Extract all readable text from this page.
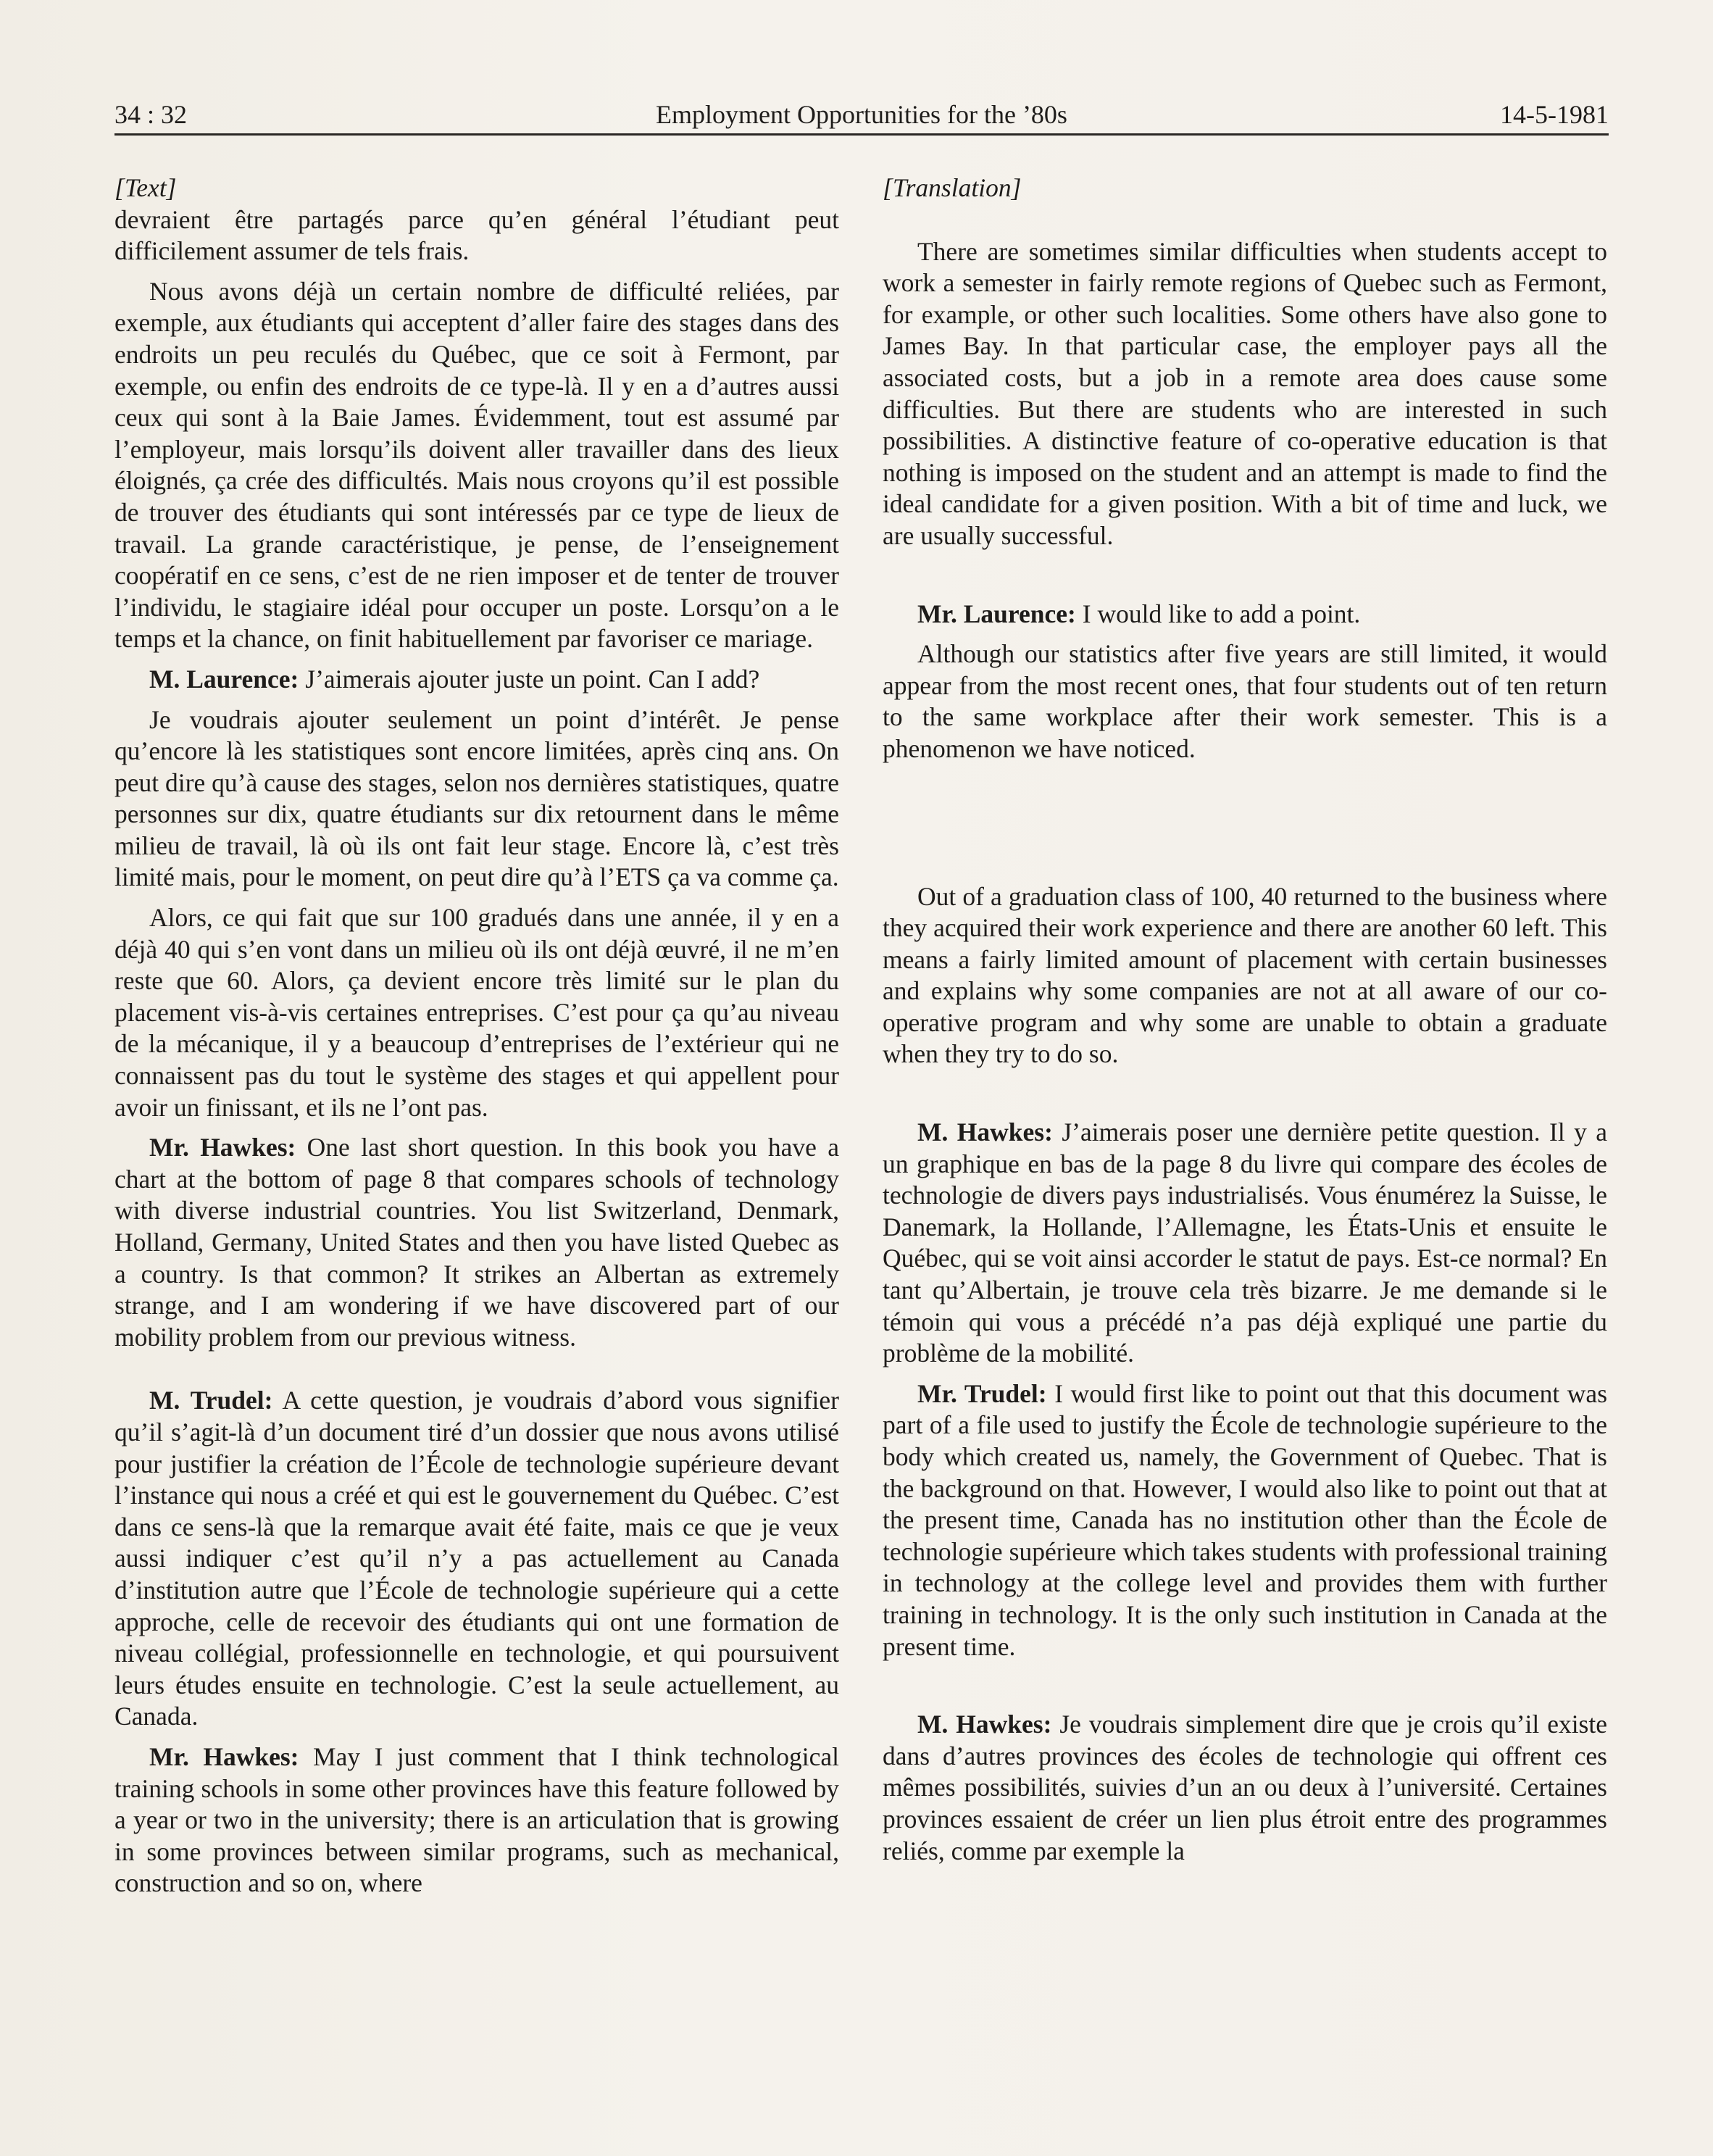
34 : 32	Employment Opportunities for the ’80s	14-5-1981

[Text]

devraient être partagés parce qu’en général l’étudiant peut difficilement assumer de tels frais.

Nous avons déjà un certain nombre de difficulté reliées, par exemple, aux étudiants qui acceptent d’aller faire des stages dans des endroits un peu reculés du Québec, que ce soit à Fermont, par exemple, ou enfin des endroits de ce type-là. Il y en a d’autres aussi ceux qui sont à la Baie James. Évidemment, tout est assumé par l’employeur, mais lorsqu’ils doivent aller travailler dans des lieux éloignés, ça crée des difficultés. Mais nous croyons qu’il est possible de trouver des étudiants qui sont intéressés par ce type de lieux de travail. La grande caractéristique, je pense, de l’enseignement coopératif en ce sens, c’est de ne rien imposer et de tenter de trouver l’individu, le stagiaire idéal pour occuper un poste. Lorsqu’on a le temps et la chance, on finit habituellement par favoriser ce mariage.

M. Laurence: J’aimerais ajouter juste un point. Can I add?

Je voudrais ajouter seulement un point d’intérêt. Je pense qu’encore là les statistiques sont encore limitées, après cinq ans. On peut dire qu’à cause des stages, selon nos dernières statistiques, quatre personnes sur dix, quatre étudiants sur dix retournent dans le même milieu de travail, là où ils ont fait leur stage. Encore là, c’est très limité mais, pour le moment, on peut dire qu’à l’ETS ça va comme ça.

Alors, ce qui fait que sur 100 gradués dans une année, il y en a déjà 40 qui s’en vont dans un milieu où ils ont déjà œuvré, il ne m’en reste que 60. Alors, ça devient encore très limité sur le plan du placement vis-à-vis certaines entreprises. C’est pour ça qu’au niveau de la mécanique, il y a beaucoup d’entreprises de l’extérieur qui ne connaissent pas du tout le système des stages et qui appellent pour avoir un finissant, et ils ne l’ont pas.

Mr. Hawkes: One last short question. In this book you have a chart at the bottom of page 8 that compares schools of technology with diverse industrial countries. You list Switzerland, Denmark, Holland, Germany, United States and then you have listed Quebec as a country. Is that common? It strikes an Albertan as extremely strange, and I am wondering if we have discovered part of our mobility problem from our previous witness.

M. Trudel: A cette question, je voudrais d’abord vous signifier qu’il s’agit-là d’un document tiré d’un dossier que nous avons utilisé pour justifier la création de l’École de technologie supérieure devant l’instance qui nous a créé et qui est le gouvernement du Québec. C’est dans ce sens-là que la remarque avait été faite, mais ce que je veux aussi indiquer c’est qu’il n’y a pas actuellement au Canada d’institution autre que l’École de technologie supérieure qui a cette approche, celle de recevoir des étudiants qui ont une formation de niveau collégial, professionnelle en technologie, et qui poursuivent leurs études ensuite en technologie. C’est la seule actuellement, au Canada.

Mr. Hawkes: May I just comment that I think technological training schools in some other provinces have this feature followed by a year or two in the university; there is an articulation that is growing in some provinces between similar programs, such as mechanical, construction and so on, where

[Translation]

There are sometimes similar difficulties when students accept to work a semester in fairly remote regions of Quebec such as Fermont, for example, or other such localities. Some others have also gone to James Bay. In that particular case, the employer pays all the associated costs, but a job in a remote area does cause some difficulties. But there are students who are interested in such possibilities. A distinctive feature of co-operative education is that nothing is imposed on the student and an attempt is made to find the ideal candidate for a given position. With a bit of time and luck, we are usually successful.

Mr. Laurence: I would like to add a point.

Although our statistics after five years are still limited, it would appear from the most recent ones, that four students out of ten return to the same workplace after their work semester. This is a phenomenon we have noticed.

Out of a graduation class of 100, 40 returned to the business where they acquired their work experience and there are another 60 left. This means a fairly limited amount of placement with certain businesses and explains why some companies are not at all aware of our co-operative program and why some are unable to obtain a graduate when they try to do so.

M. Hawkes: J’aimerais poser une dernière petite question. Il y a un graphique en bas de la page 8 du livre qui compare des écoles de technologie de divers pays industrialisés. Vous énumérez la Suisse, le Danemark, la Hollande, l’Allemagne, les États-Unis et ensuite le Québec, qui se voit ainsi accorder le statut de pays. Est-ce normal? En tant qu’Albertain, je trouve cela très bizarre. Je me demande si le témoin qui vous a précédé n’a pas déjà expliqué une partie du problème de la mobilité.

Mr. Trudel: I would first like to point out that this document was part of a file used to justify the École de technologie supérieure to the body which created us, namely, the Government of Quebec. That is the background on that. However, I would also like to point out that at the present time, Canada has no institution other than the École de technologie supérieure which takes students with professional training in technology at the college level and provides them with further training in technology. It is the only such institution in Canada at the present time.

M. Hawkes: Je voudrais simplement dire que je crois qu’il existe dans d’autres provinces des écoles de technologie qui offrent ces mêmes possibilités, suivies d’un an ou deux à l’université. Certaines provinces essaient de créer un lien plus étroit entre des programmes reliés, comme par exemple la
